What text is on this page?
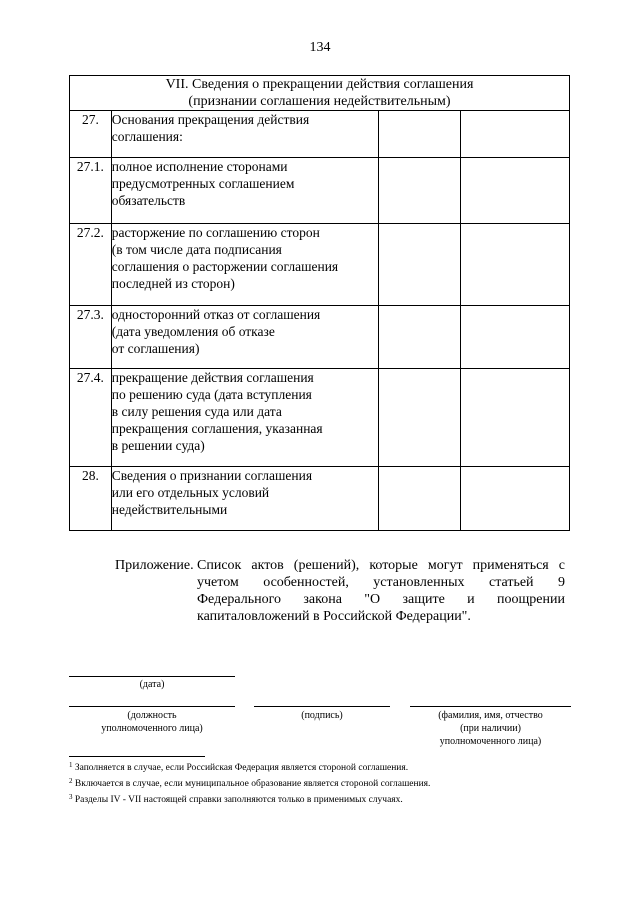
134
VII. Сведения о прекращении действия соглашения
(признании соглашения недействительным)			

27.	Основания прекращения действия
соглашения:		

27.1.	полное исполнение сторонами
предусмотренных соглашением
обязательств		

27.2.	расторжение по соглашению сторон
(в том числе дата подписания
соглашения о расторжении соглашения
последней из сторон)		

27.3.	односторонний отказ от соглашения
(дата уведомления об отказе
от соглашения)		

27.4.	прекращение действия соглашения
по решению суда (дата вступления
в силу решения суда или дата
прекращения соглашения, указанная
в решении суда)		

28.	Сведения о признании соглашения
или его отдельных условий
недействительными		

Приложение. Список актов (решений), которые могут применяться с учетом особенностей, установленных статьей 9 Федерального закона "О защите и поощрении капиталовложений в Российской Федерации".
(дата)
(должность
уполномоченного лица)
(подпись)	(фамилия, имя, отчество
(при наличии)
уполномоченного лица)
$^1$ Заполняется в случае, если Российская Федерация является стороной соглашения.
$^2$ Включается в случае, если муниципальное образование является стороной соглашения.
$^3$ Разделы IV - VII настоящей справки заполняются только в применимых случаях.
